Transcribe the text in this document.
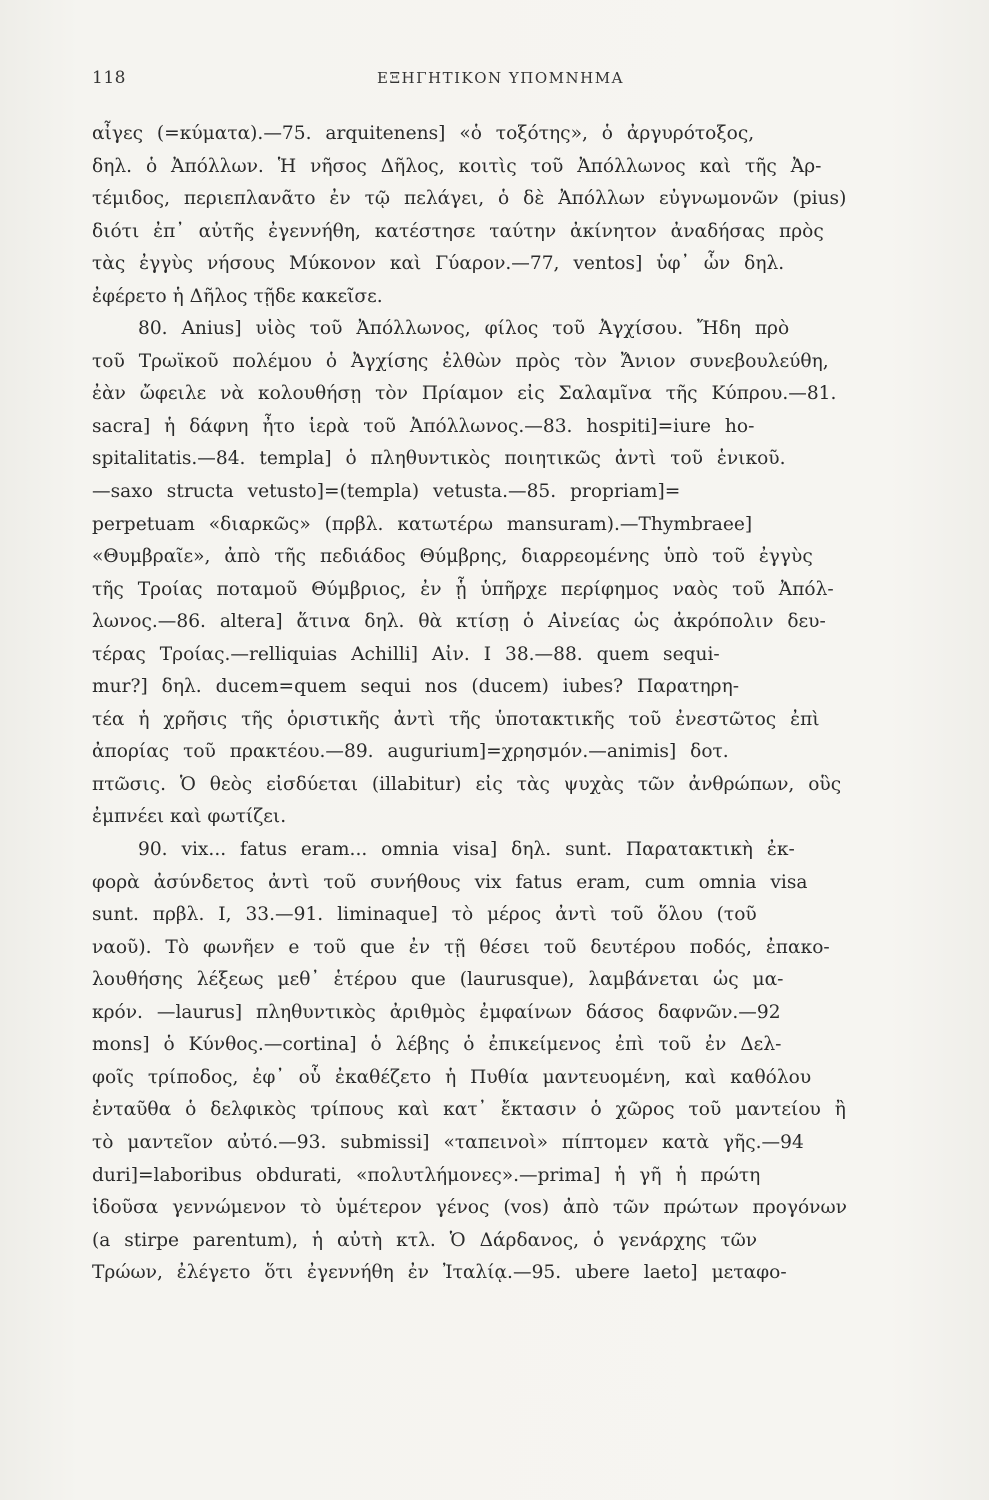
118	ΕΞΗΓΗΤΙΚΟΝ ΥΠΟΜΝΗΜΑ
αἶγες (=κύματα).—75. arquitenens] «ὁ τοξότης», ὁ ἀργυρότοξος,
δηλ. ὁ Ἀπόλλων. Ἡ νῆσος Δῆλος, κοιτὶς τοῦ Ἀπόλλωνος καὶ τῆς Ἀρ-
τέμιδος, περιεπλανᾶτο ἐν τῷ πελάγει, ὁ δὲ Ἀπόλλων εὐγνωμονῶν (pius)
διότι ἐπ᾽ αὐτῆς ἐγεννήθη, κατέστησε ταύτην ἀκίνητον ἀναδήσας πρὸς
τὰς ἐγγὺς νήσους Μύκονον καὶ Γύαρον.—77, ventos] ὑφ᾽ ὧν δηλ.
ἐφέρετο ἡ Δῆλος τῇδε κακεῖσε.
80. Anius] υἱὸς τοῦ Ἀπόλλωνος, φίλος τοῦ Ἀγχίσου. Ἤδη πρὸ
τοῦ Τρωϊκοῦ πολέμου ὁ Ἀγχίσης ἐλθὼν πρὸς τὸν Ἄνιον συνεβουλεύθη,
ἐὰν ὤφειλε νὰ κολουθήσῃ τὸν Πρίαμον εἰς Σαλαμῖνα τῆς Κύπρου.—81.
sacra] ἡ δάφνη ἦτο ἱερὰ τοῦ Ἀπόλλωνος.—83. hospiti]=iure ho-
spitalitatis.—84. templa] ὁ πληθυντικὸς ποιητικῶς ἀντὶ τοῦ ἑνικοῦ.
—saxo structa vetusto]=(templa) vetusta.—85. propriam]=
perpetuam «διαρκῶς» (πρβλ. κατωτέρω mansuram).—Thymbraee]
«Θυμβραῖε», ἀπὸ τῆς πεδιάδος Θύμβρης, διαρρεομένης ὑπὸ τοῦ ἐγγὺς
τῆς Τροίας ποταμοῦ Θύμβριος, ἐν ᾗ ὑπῆρχε περίφημος ναὸς τοῦ Ἀπόλ-
λωνος.—86. altera] ἅτινα δηλ. θὰ κτίσῃ ὁ Αἰνείας ὡς ἀκρόπολιν δευ-
τέρας Τροίας.—relliquias Achilli] Αἰν. I 38.—88. quem sequi-
mur?] δηλ. ducem=quem sequi nos (ducem) iubes? Παρατηρη-
τέα ἡ χρῆσις τῆς ὁριστικῆς ἀντὶ τῆς ὑποτακτικῆς τοῦ ἐνεστῶτος ἐπὶ
ἀπορίας τοῦ πρακτέου.—89. augurium]=χρησμόν.—animis] δοτ.
πτῶσις. Ὁ θεὸς εἰσδύεται (illabitur) εἰς τὰς ψυχὰς τῶν ἀνθρώπων, οὓς
ἐμπνέει καὶ φωτίζει.
90. vix... fatus eram... omnia visa] δηλ. sunt. Παρατακτικὴ ἐκ-
φορὰ ἀσύνδετος ἀντὶ τοῦ συνήθους vix fatus eram, cum omnia visa
sunt. πρβλ. I, 33.—91. liminaque] τὸ μέρος ἀντὶ τοῦ ὅλου (τοῦ
ναοῦ). Τὸ φωνῆεν e τοῦ que ἐν τῇ θέσει τοῦ δευτέρου ποδός, ἐπακο-
λουθήσης λέξεως μεθ᾽ ἑτέρου que (laurusque), λαμβάνεται ὡς μα-
κρόν. —laurus] πληθυντικὸς ἀριθμὸς ἐμφαίνων δάσος δαφνῶν.—92
mons] ὁ Κύνθος.—cortina] ὁ λέβης ὁ ἐπικείμενος ἐπὶ τοῦ ἐν Δελ-
φοῖς τρίποδος, ἐφ᾽ οὗ ἐκαθέζετο ἡ Πυθία μαντευομένη, καὶ καθόλου
ἐνταῦθα ὁ δελφικὸς τρίπους καὶ κατ᾽ ἔκτασιν ὁ χῶρος τοῦ μαντείου ἢ
τὸ μαντεῖον αὐτό.—93. submissi] «ταπεινοὶ» πίπτομεν κατὰ γῆς.—94
duri]=laboribus obdurati, «πολυτλήμονες».—prima] ἡ γῆ ἡ πρώτη
ἰδοῦσα γεννώμενον τὸ ὑμέτερον γένος (vos) ἀπὸ τῶν πρώτων προγόνων
(a stirpe parentum), ἡ αὐτὴ κτλ. Ὁ Δάρδανος, ὁ γενάρχης τῶν
Τρώων, ἐλέγετο ὅτι ἐγεννήθη ἐν Ἰταλίᾳ.—95. ubere laeto] μεταφο-
